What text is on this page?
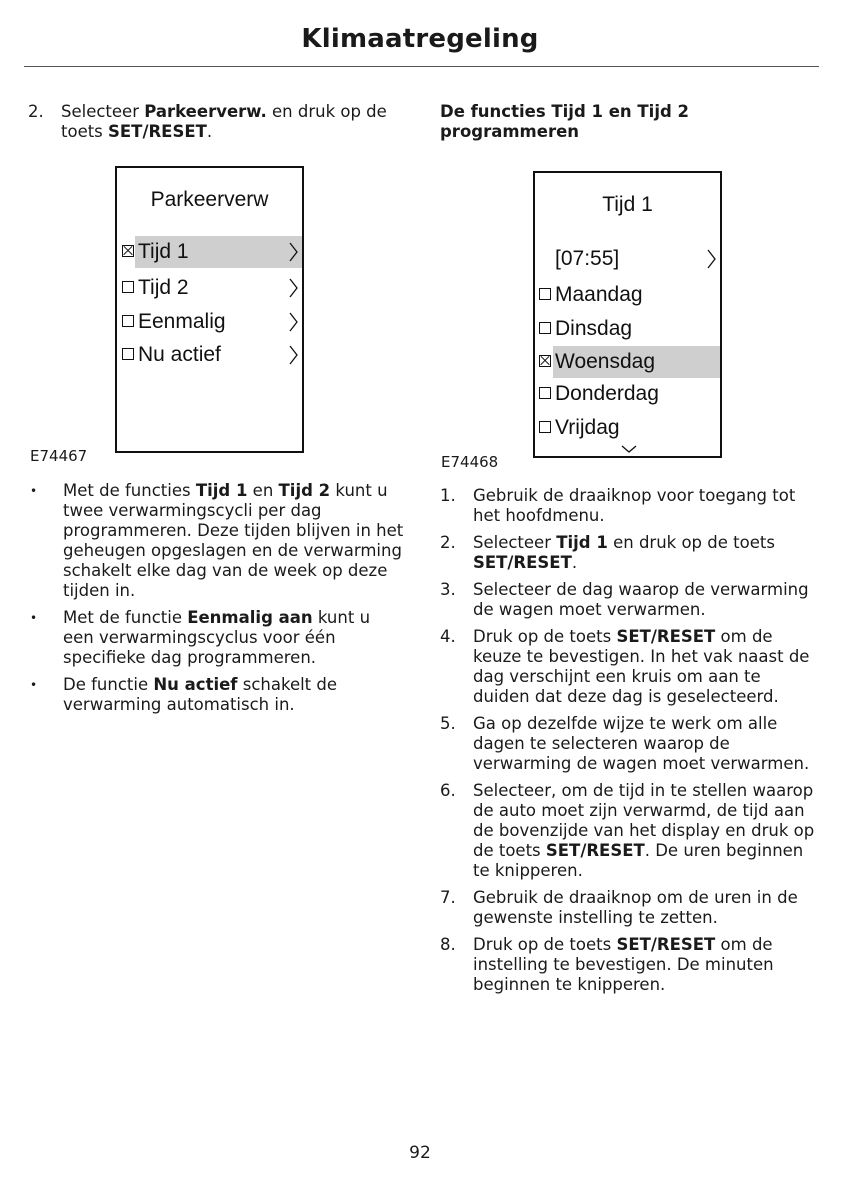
Klimaatregeling
2.	Selecteer Parkeerverw. en druk op de toets SET/RESET.
Parkeerverw
Tijd 1
Tijd 2
Eenmalig
Nu actief
E74467
•	Met de functies Tijd 1 en Tijd 2 kunt u twee verwarmingscycli per dag programmeren. Deze tijden blijven in het geheugen opgeslagen en de verwarming schakelt elke dag van de week op deze tijden in.
•	Met de functie Eenmalig aan kunt u een verwarmingscyclus voor één specifieke dag programmeren.
•	De functie Nu actief schakelt de verwarming automatisch in.
De functies Tijd 1 en Tijd 2 programmeren
Tijd 1
[07:55]
Maandag
Dinsdag
Woensdag
Donderdag
Vrijdag
E74468
1.	Gebruik de draaiknop voor toegang tot het hoofdmenu.
2.	Selecteer Tijd 1 en druk op de toets SET/RESET.
3.	Selecteer de dag waarop de verwarming de wagen moet verwarmen.
4.	Druk op de toets SET/RESET om de keuze te bevestigen. In het vak naast de dag verschijnt een kruis om aan te duiden dat deze dag is geselecteerd.
5.	Ga op dezelfde wijze te werk om alle dagen te selecteren waarop de verwarming de wagen moet verwarmen.
6.	Selecteer, om de tijd in te stellen waarop de auto moet zijn verwarmd, de tijd aan de bovenzijde van het display en druk op de toets SET/RESET. De uren beginnen te knipperen.
7.	Gebruik de draaiknop om de uren in de gewenste instelling te zetten.
8.	Druk op de toets SET/RESET om de instelling te bevestigen. De minuten beginnen te knipperen.
92
